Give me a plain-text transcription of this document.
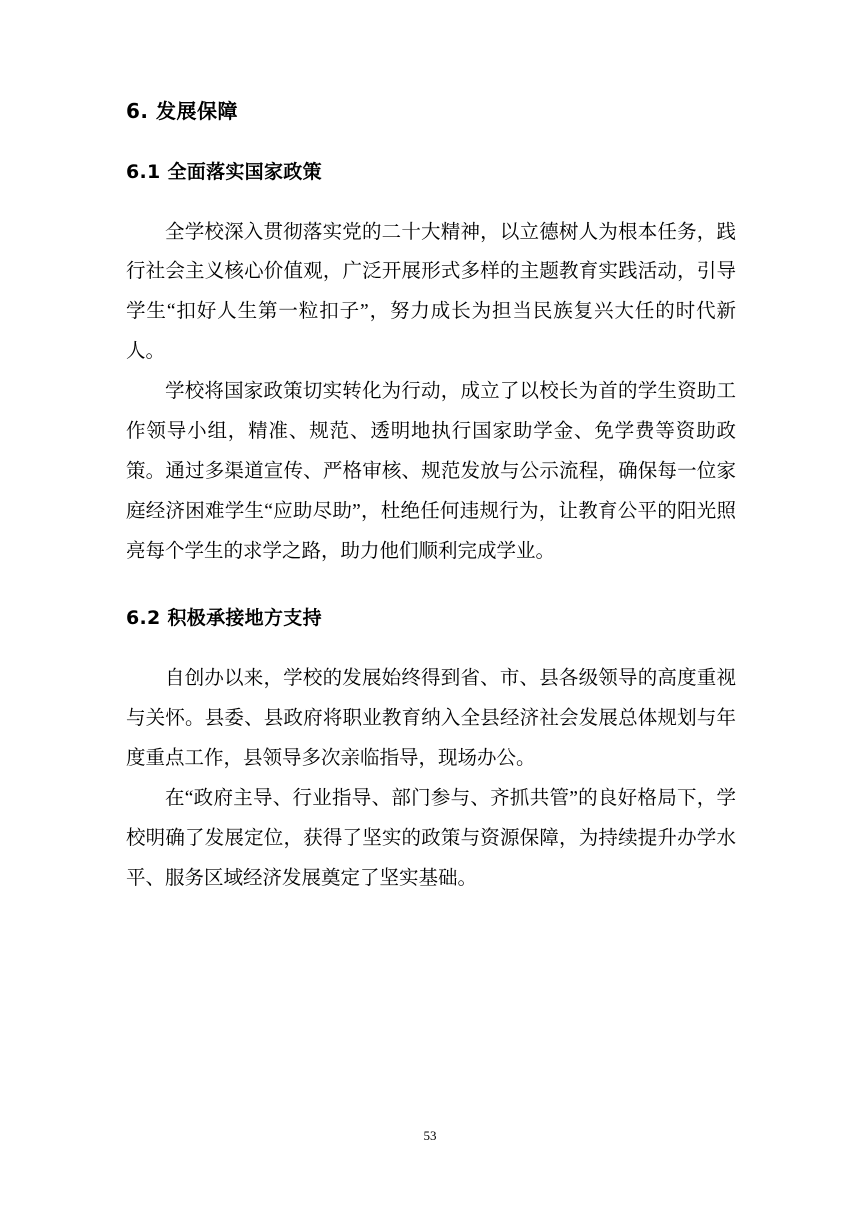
6. 发展保障
6.1 全面落实国家政策

全学校深入贯彻落实党的二十大精神，以立德树人为根本任务，践行社会主义核心价值观，广泛开展形式多样的主题教育实践活动，引导学生“扣好人生第一粒扣子”，努力成长为担当民族复兴大任的时代新人。

学校将国家政策切实转化为行动，成立了以校长为首的学生资助工作领导小组，精准、规范、透明地执行国家助学金、免学费等资助政策。通过多渠道宣传、严格审核、规范发放与公示流程，确保每一位家庭经济困难学生“应助尽助”，杜绝任何违规行为，让教育公平的阳光照亮每个学生的求学之路，助力他们顺利完成学业。

6.2 积极承接地方支持

自创办以来，学校的发展始终得到省、市、县各级领导的高度重视与关怀。县委、县政府将职业教育纳入全县经济社会发展总体规划与年度重点工作，县领导多次亲临指导，现场办公。

在“政府主导、行业指导、部门参与、齐抓共管”的良好格局下，学校明确了发展定位，获得了坚实的政策与资源保障，为持续提升办学水平、服务区域经济发展奠定了坚实基础。

53
